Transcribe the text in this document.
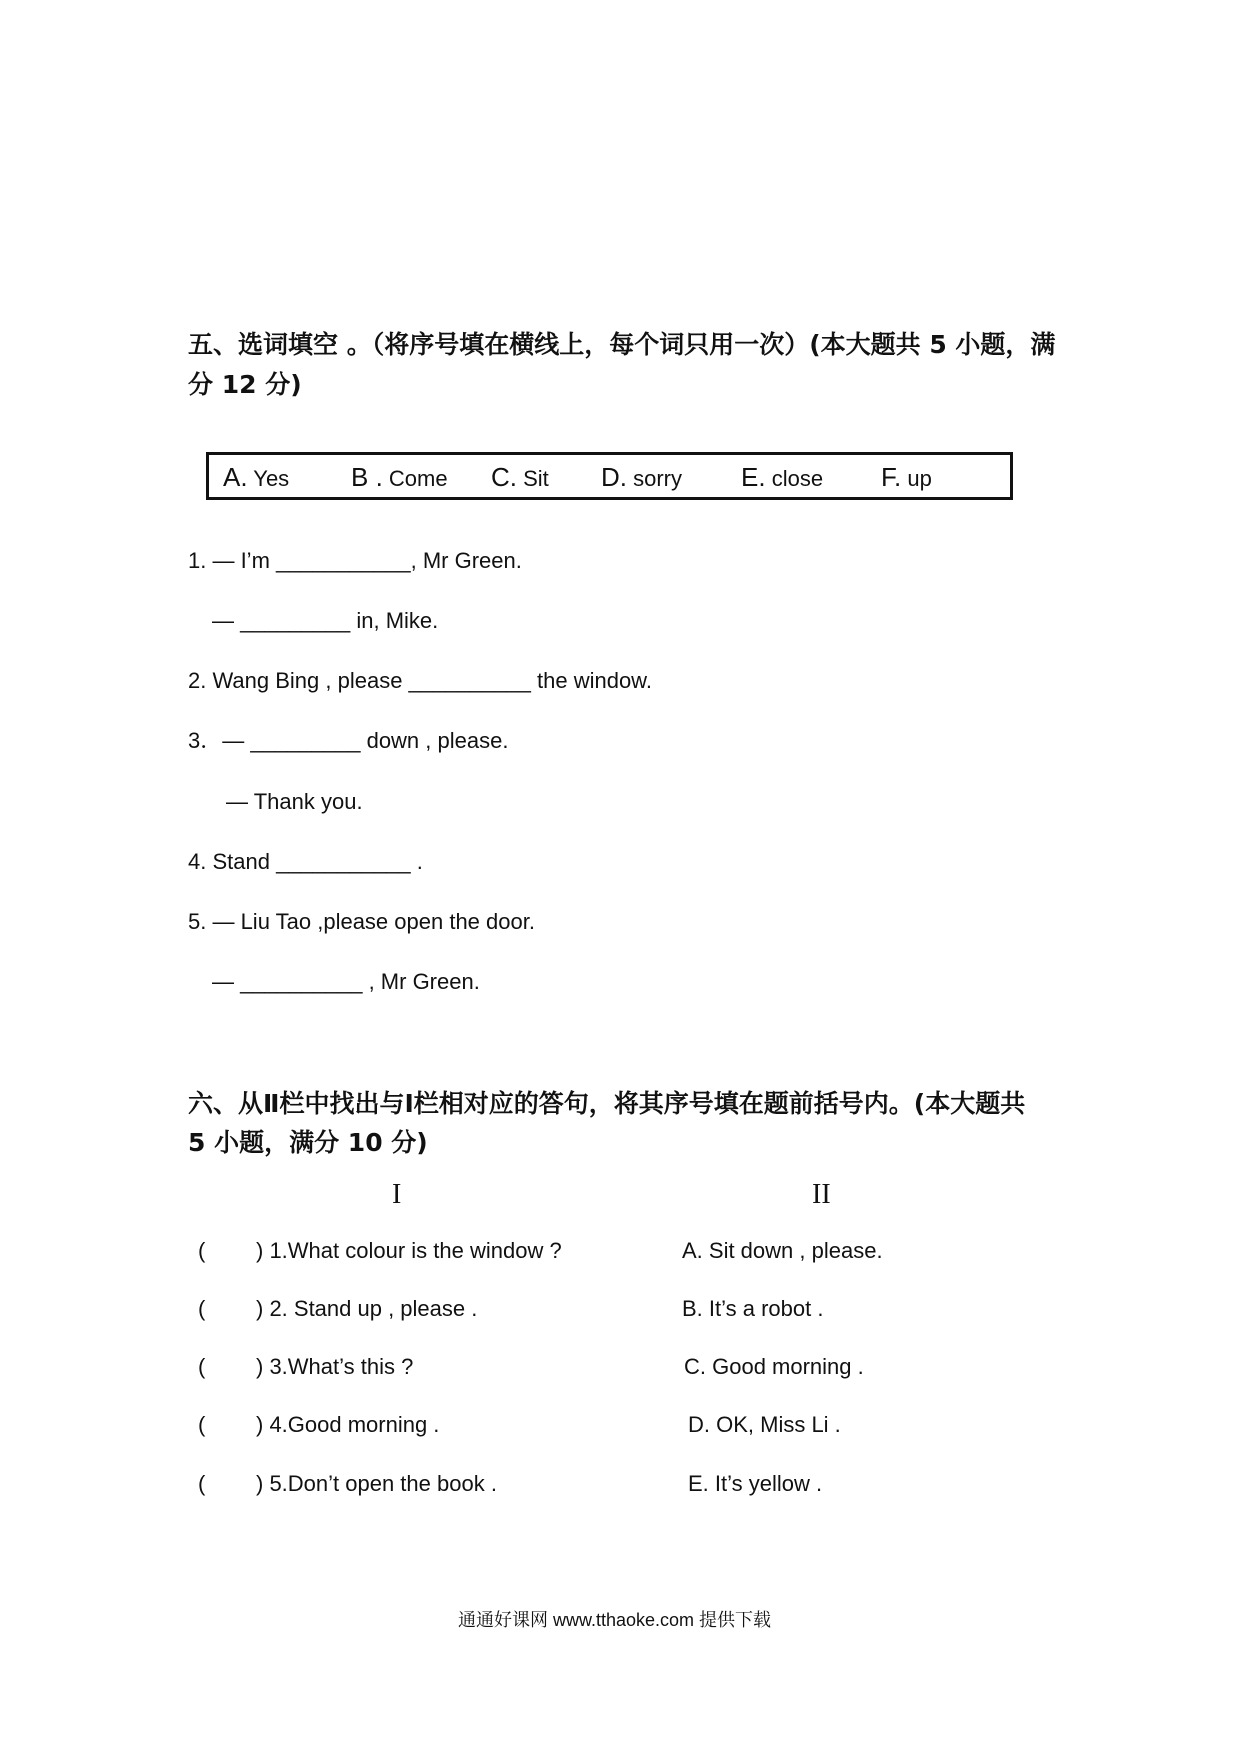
五、选词填空 。（将序号填在横线上，每个词只用一次）(本大题共 5 小题，满
分 12 分)
A. Yes B . Come C. Sit D. sorry E. close F. up
1. — I’m ___________, Mr Green.
— _________ in, Mike.
2. Wang Bing , please __________ the window.
3．— _________ down , please.
— Thank you.
4. Stand ___________ .
5. — Liu Tao ,please open the door.
— __________ , Mr Green.
六、从Ⅱ栏中找出与Ⅰ栏相对应的答句，将其序号填在题前括号内。(本大题共
5 小题，满分 10 分)
I	II
( ) 1.What colour is the window ?	A. Sit down , please.
( ) 2. Stand up , please .	B. It’s a robot .
( ) 3.What’s this ?	C. Good morning .
( ) 4.Good morning .	D. OK, Miss Li .
( ) 5.Don’t open the book .	E. It’s yellow .
通通好课网 www.tthaoke.com 提供下载
